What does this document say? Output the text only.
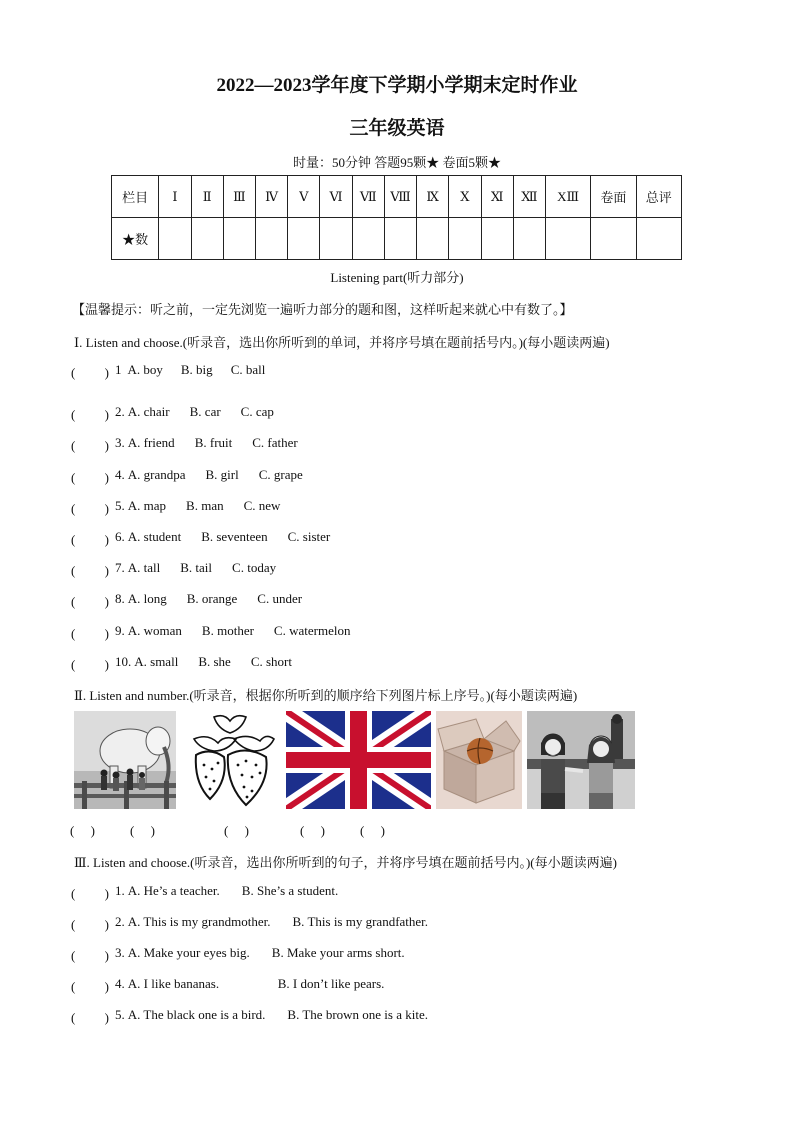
2022—2023学年度下学期小学期末定时作业
三年级英语
时量：50分钟 答题95颗★ 卷面5颗★
栏目	Ⅰ	Ⅱ	Ⅲ	Ⅳ	Ⅴ	Ⅵ	Ⅶ	Ⅷ	Ⅸ	Ⅹ	Ⅺ	Ⅻ	XⅢ	卷面	总评
★数															
Listening part(听力部分)
【温馨提示：听之前，一定先浏览一遍听力部分的题和图，这样听起来就心中有数了。】
Ⅰ. Listen and choose.(听录音，选出你所听到的单词，并将序号填在题前括号内。)(每小题读两遍)
(　 　) 1 A. boy B. big C. ball
(　 　) 2. A. chair B. car C. cap
(　 　) 3. A. friend B. fruit C. father
(　 　) 4. A. grandpa B. girl C. grape
(　 　) 5. A. map B. man C. new
(　 　) 6. A. student B. seventeen C. sister
(　 　) 7. A. tall B. tail C. today
(　 　) 8. A. long B. orange C. under
(　 　) 9. A. woman B. mother C. watermelon
(　 　) 10. A. small B. she C. short
Ⅱ. Listen and number.(听录音，根据你所听到的顺序给下列图片标上序号。)(每小题读两遍)
(　 )	(　 )	(　 )	(　 )	(　 )
Ⅲ. Listen and choose.(听录音，选出你所听到的句子，并将序号填在题前括号内。)(每小题读两遍)
(　 　) 1. A. He’s a teacher. B. She’s a student.
(　 　) 2. A. This is my grandmother. B. This is my grandfather.
(　 　) 3. A. Make your eyes big. B. Make your arms short.
(　 　) 4. A. I like bananas.	B. I don’t like pears.
(　 　) 5. A. The black one is a bird. B. The brown one is a kite.
